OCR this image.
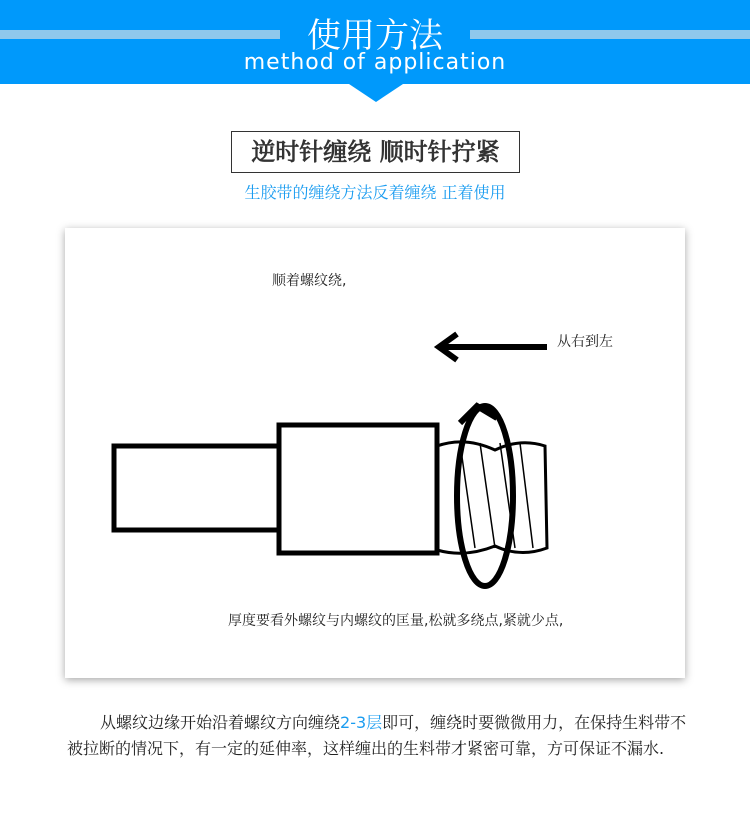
使用方法
method of application
逆时针缠绕 顺时针拧紧
生胶带的缠绕方法反着缠绕 正着使用
顺着螺纹绕,
从右到左
厚度要看外螺纹与内螺纹的匡量,松就多绕点,紧就少点,

从螺纹边缘开始沿着螺纹方向缠绕2-3层即可，缠绕时要微微用力，在保持生料带不被拉断的情况下，有一定的延伸率，这样缠出的生料带才紧密可靠，方可保证不漏水.
